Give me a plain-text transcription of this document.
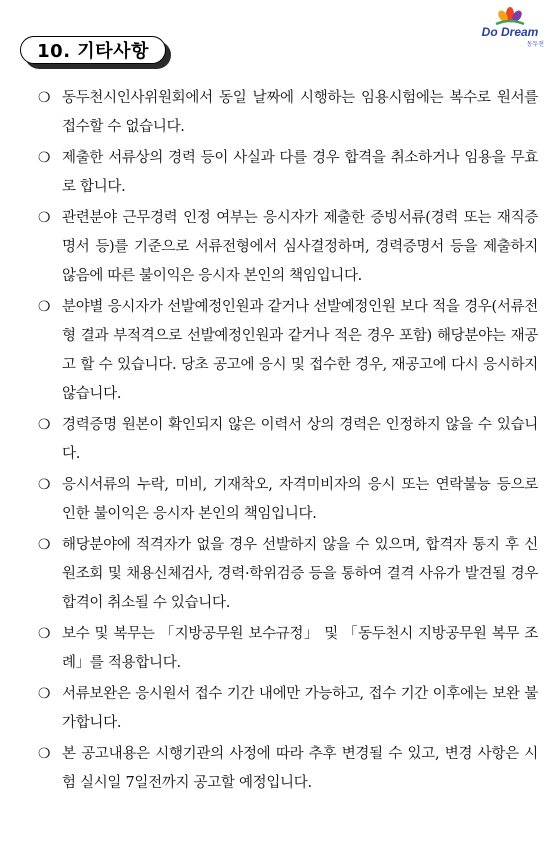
Do Dream
동두천
10. 기타사항
❍ 동두천시인사위원회에서 동일 날짜에 시행하는 임용시험에는 복수로 원서를 접수할 수 없습니다.
❍ 제출한 서류상의 경력 등이 사실과 다를 경우 합격을 취소하거나 임용을 무효로 합니다.
❍ 관련분야 근무경력 인정 여부는 응시자가 제출한 증빙서류(경력 또는 재직증명서 등)를 기준으로 서류전형에서 심사결정하며, 경력증명서 등을 제출하지 않음에 따른 불이익은 응시자 본인의 책임입니다.
❍ 분야별 응시자가 선발예정인원과 같거나 선발예정인원 보다 적을 경우(서류전형 결과 부적격으로 선발예정인원과 같거나 적은 경우 포함) 해당분야는 재공고 할 수 있습니다. 당초 공고에 응시 및 접수한 경우, 재공고에 다시 응시하지 않습니다.
❍ 경력증명 원본이 확인되지 않은 이력서 상의 경력은 인정하지 않을 수 있습니다.
❍ 응시서류의 누락, 미비, 기재착오, 자격미비자의 응시 또는 연락불능 등으로 인한 불이익은 응시자 본인의 책임입니다.
❍ 해당분야에 적격자가 없을 경우 선발하지 않을 수 있으며, 합격자 통지 후 신원조회 및 채용신체검사, 경력·학위검증 등을 통하여 결격 사유가 발견될 경우 합격이 취소될 수 있습니다.
❍ 보수 및 복무는 「지방공무원 보수규정」 및 「동두천시 지방공무원 복무 조례」를 적용합니다.
❍ 서류보완은 응시원서 접수 기간 내에만 가능하고, 접수 기간 이후에는 보완 불가합니다.
❍ 본 공고내용은 시행기관의 사정에 따라 추후 변경될 수 있고, 변경 사항은 시험 실시일 7일전까지 공고할 예정입니다.
